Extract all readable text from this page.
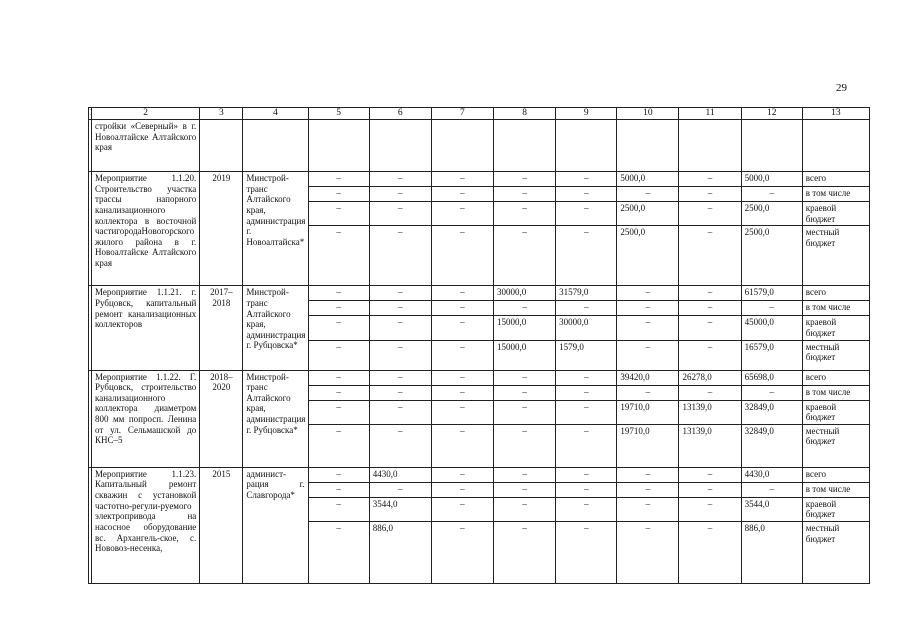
29
	2	3	4	5	6	7	8	9	10	11	12	13
	стройки «Северный» в г. Новоалтайске Алтайского края											
	Мероприятие 1.1.20. Строительство участка трассы напорного канализационного коллектора в восточной частигородаНовогорского жилого района в г. Новоалтайске Алтайского края	2019	Минстрой-транс Алтайского края, администрация г. Новоалтайска*	–	–	–	–	–	5000,0	–	5000,0	всего
				–	–	–	–	–	–	–	–	в том числе
				–	–	–	–	–	2500,0	–	2500,0	краевой бюджет
				–	–	–	–	–	2500,0	–	2500,0	местный бюджет
	Мероприятие 1.1.21. г. Рубцовск, капитальный ремонт канализационных коллекторов	2017–2018	Минстрой-транс Алтайского края, администрация г. Рубцовска*	–	–	–	30000,0	31579,0	–	–	61579,0	всего
				–	–	–	–	–	–	–	–	в том числе
				–	–	–	15000,0	30000,0	–	–	45000,0	краевой бюджет
				–	–	–	15000,0	1579,0	–	–	16579,0	местный бюджет
	Мероприятие 1.1.22. Г. Рубцовск, строительство канализационного коллектора диаметром 800 мм попросп. Ленина от ул. Сельмашской до КНС–5	2018–2020	Минстрой-транс Алтайского края, администрация г. Рубцовска*	–	–	–	–	–	39420,0	26278,0	65698,0	всего
				–	–	–	–	–	–	–	–	в том числе
				–	–	–	–	–	19710,0	13139,0	32849,0	краевой бюджет
				–	–	–	–	–	19710,0	13139,0	32849,0	местный бюджет
	Мероприятие 1.1.23. Капитальный ремонт скважин с установкой частотно-регули-руемого электропривода на насосное оборудование вс. Архангель-ское, с. Нововоз-несенка,	2015	админист-рация г. Славгорода*	–	4430,0	–	–	–	–	–	4430,0	всего
				–	–	–	–	–	–	–	–	в том числе
				–	3544,0	–	–	–	–	–	3544,0	краевой бюджет
				–	886,0	–	–	–	–	–	886,0	местный бюджет
